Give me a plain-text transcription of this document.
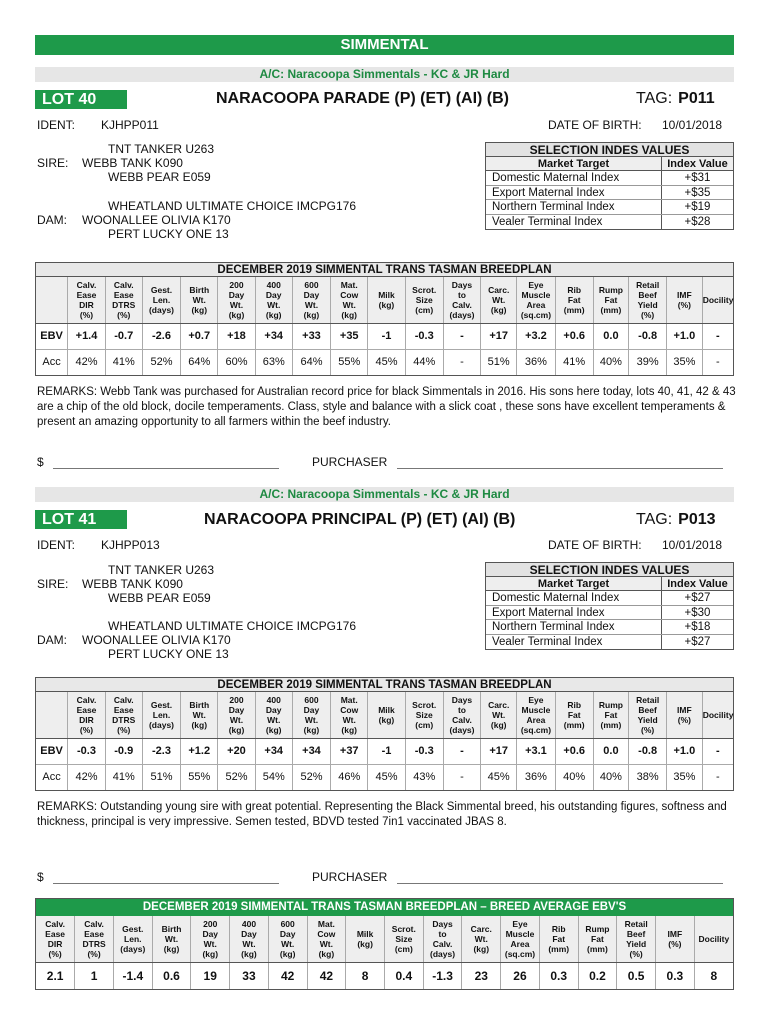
SIMMENTAL
A/C: Naracoopa Simmentals - KC & JR Hard
LOT 40	NARACOOPA PARADE (P) (ET) (AI) (B)	TAG: P011
IDENT: KJHPP011	DATE OF BIRTH: 10/01/2018
TNT TANKER U263
SIRE: WEBB TANK K090
WEBB PEAR E059
WHEATLAND ULTIMATE CHOICE IMCPG176
DAM: WOONALLEE OLIVIA K170
PERT LUCKY ONE 13
SELECTION INDES VALUES
Market Target	Index Value
Domestic Maternal Index	+$31
Export Maternal Index	+$35
Northern Terminal Index	+$19
Vealer Terminal Index	+$28
DECEMBER 2019 SIMMENTAL TRANS TASMAN BREEDPLAN
	Calv.
Ease
DIR
(%)	Calv.
Ease
DTRS
(%)	Gest.
Len.
(days)	Birth
Wt.
(kg)	200
Day
Wt.
(kg)	400
Day
Wt.
(kg)	600
Day
Wt.
(kg)	Mat.
Cow
Wt.
(kg)	Milk
(kg)	Scrot.
Size
(cm)	Days
to
Calv.
(days)	Carc.
Wt.
(kg)	Eye
Muscle
Area
(sq.cm)	Rib
Fat
(mm)	Rump
Fat
(mm)	Retail
Beef
Yield
(%)	IMF
(%)	Docility
EBV	+1.4	-0.7	-2.6	+0.7	+18	+34	+33	+35	-1	-0.3	-	+17	+3.2	+0.6	0.0	-0.8	+1.0	-
Acc	42%	41%	52%	64%	60%	63%	64%	55%	45%	44%	-	51%	36%	41%	40%	39%	35%	-
REMARKS: Webb Tank was purchased for Australian record price for black Simmentals in 2016. His sons here today, lots 40, 41, 42 & 43 are a chip of the old block, docile temperaments. Class, style and balance with a slick coat , these sons have excellent temperaments & present an amazing opportunity to all farmers within the beef industry.
$	PURCHASER
A/C: Naracoopa Simmentals - KC & JR Hard
LOT 41	NARACOOPA PRINCIPAL (P) (ET) (AI) (B)	TAG: P013
IDENT: KJHPP013	DATE OF BIRTH: 10/01/2018
TNT TANKER U263
SIRE: WEBB TANK K090
WEBB PEAR E059
WHEATLAND ULTIMATE CHOICE IMCPG176
DAM: WOONALLEE OLIVIA K170
PERT LUCKY ONE 13
SELECTION INDES VALUES
Market Target	Index Value
Domestic Maternal Index	+$27
Export Maternal Index	+$30
Northern Terminal Index	+$18
Vealer Terminal Index	+$27
DECEMBER 2019 SIMMENTAL TRANS TASMAN BREEDPLAN
	Calv.
Ease
DIR
(%)	Calv.
Ease
DTRS
(%)	Gest.
Len.
(days)	Birth
Wt.
(kg)	200
Day
Wt.
(kg)	400
Day
Wt.
(kg)	600
Day
Wt.
(kg)	Mat.
Cow
Wt.
(kg)	Milk
(kg)	Scrot.
Size
(cm)	Days
to
Calv.
(days)	Carc.
Wt.
(kg)	Eye
Muscle
Area
(sq.cm)	Rib
Fat
(mm)	Rump
Fat
(mm)	Retail
Beef
Yield
(%)	IMF
(%)	Docility
EBV	-0.3	-0.9	-2.3	+1.2	+20	+34	+34	+37	-1	-0.3	-	+17	+3.1	+0.6	0.0	-0.8	+1.0	-
Acc	42%	41%	51%	55%	52%	54%	52%	46%	45%	43%	-	45%	36%	40%	40%	38%	35%	-
REMARKS: Outstanding young sire with great potential. Representing the Black Simmental breed, his outstanding figures, softness and thickness, principal is very impressive. Semen tested, BDVD tested 7in1 vaccinated JBAS 8.
$	PURCHASER
DECEMBER 2019 SIMMENTAL TRANS TASMAN BREEDPLAN – BREED AVERAGE EBV'S
Calv.
Ease
DIR
(%)	Calv.
Ease
DTRS
(%)	Gest.
Len.
(days)	Birth
Wt.
(kg)	200
Day
Wt.
(kg)	400
Day
Wt.
(kg)	600
Day
Wt.
(kg)	Mat.
Cow
Wt.
(kg)	Milk
(kg)	Scrot.
Size
(cm)	Days
to
Calv.
(days)	Carc.
Wt.
(kg)	Eye
Muscle
Area
(sq.cm)	Rib
Fat
(mm)	Rump
Fat
(mm)	Retail
Beef
Yield
(%)	IMF
(%)	Docility
2.1	1	-1.4	0.6	19	33	42	42	8	0.4	-1.3	23	26	0.3	0.2	0.5	0.3	8
